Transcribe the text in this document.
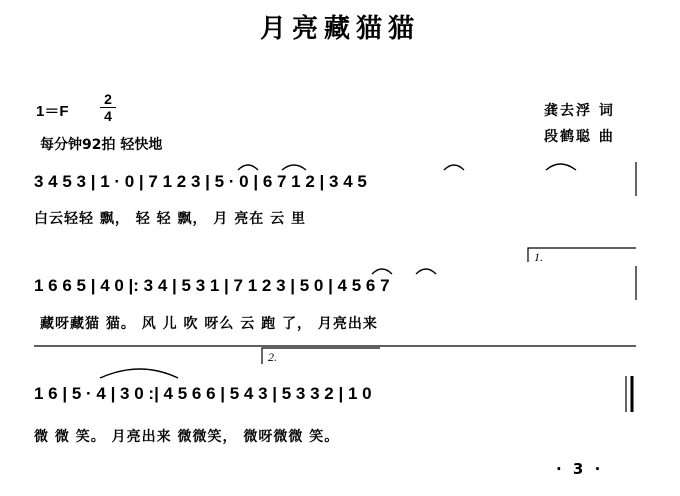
月亮藏猫猫
1＝F
2
4
每分钟92拍 轻快地
龚去浮 词
段鹤聪 曲
3 4 5 3 | 1 · 0 | 7 1 2 3 | 5 · 0 | 6 7 1 2 | 3 4 5
白云轻轻 飘， 轻 轻 飘， 月 亮在 云 里
1 6 6 5 | 4 0 |: 3 4 | 5 3 1 | 7 1 2 3 | 5 0 | 4 5 6 7
藏呀藏猫 猫。 风 儿 吹 呀么 云 跑 了， 月亮出来
1 6 | 5 · 4 | 3 0 :| 4 5 6 6 | 5 4 3 | 5 3 3 2 | 1 0
微 微 笑。 月亮出来 微微笑， 微呀微微 笑。
1.
2.
· 3 ·
